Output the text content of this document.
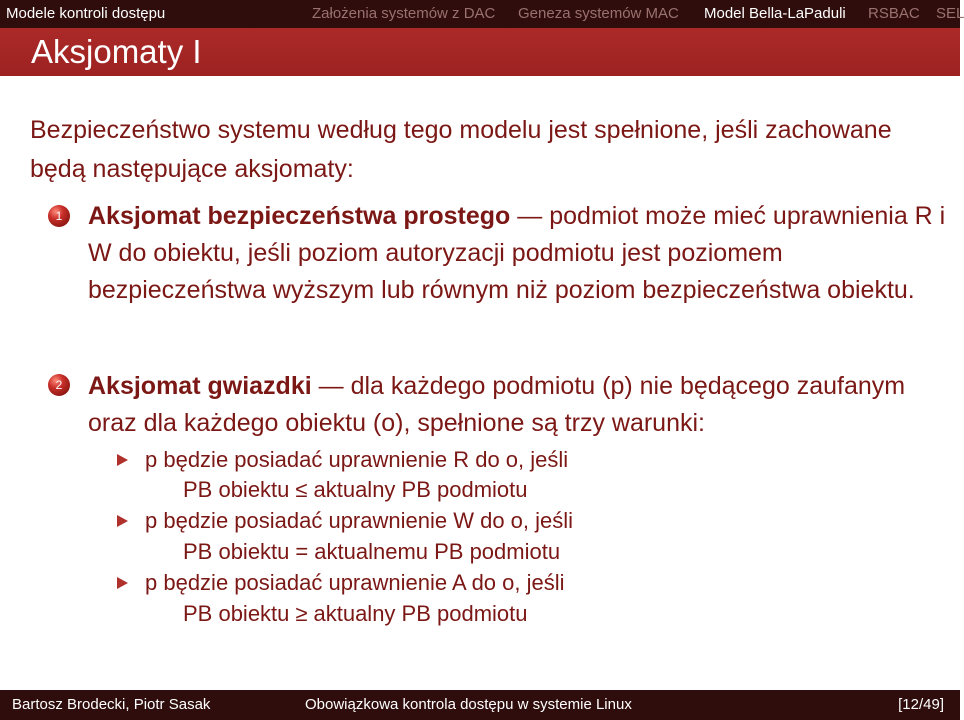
Modele kontroli dostępu	Założenia systemów z DAC Geneza systemów MAC Model Bella-LaPaduli RSBAC SEL
Aksjomaty I

Bezpieczeństwo systemu według tego modelu jest spełnione, jeśli zachowane będą następujące aksjomaty:

1	Aksjomat bezpieczeństwa prostego — podmiot może mieć uprawnienia R i W do obiektu, jeśli poziom autoryzacji podmiotu jest poziomem bezpieczeństwa wyższym lub równym niż poziom bezpieczeństwa obiektu.

2	Aksjomat gwiazdki — dla każdego podmiotu (p) nie będącego zaufanym oraz dla każdego obiektu (o), spełnione są trzy warunki:

p będzie posiadać uprawnienie R do o, jeśli

PB obiektu ≤ aktualny PB podmiotu

p będzie posiadać uprawnienie W do o, jeśli

PB obiektu = aktualnemu PB podmiotu

p będzie posiadać uprawnienie A do o, jeśli

PB obiektu ≥ aktualny PB podmiotu

Bartosz Brodecki, Piotr Sasak	Obowiązkowa kontrola dostępu w systemie Linux	[12/49]
